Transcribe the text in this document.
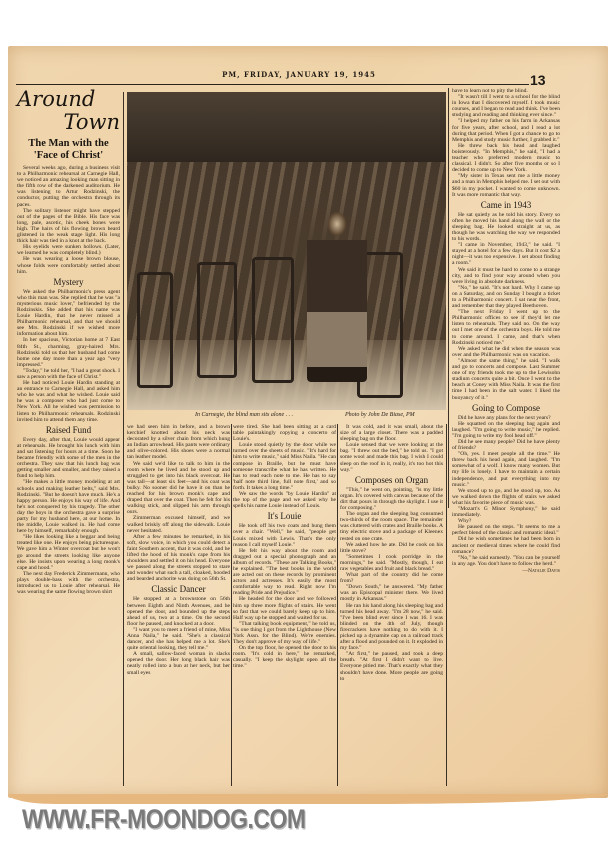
PM, FRIDAY, JANUARY 19, 1945	13
Around
Town
The Man with the 'Face of Christ'

Several weeks ago, during a business visit to a Philharmonic rehearsal at Carnegie Hall, we noticed an amazing looking man sitting in the fifth row of the darkened auditorium. He was listening to Artur Rodzinski, the conductor, putting the orchestra through its paces.

The solitary listener might have stepped out of the pages of the Bible. His face was long, pale, ascetic, his cheek bones were high. The hairs of his flowing brown beard glistened in the weak stage light. His long thick hair was tied in a knot at the back.

His eyelids were sunken hollows. (Later, we learned he was completely blind.)

He was wearing a loose brown blouse, whose folds were comfortably settled about him.

Mystery

We asked the Philharmonic's press agent who this man was. She replied that he was "a mysterious music lover," befriended by the Rodzinskis. She added that his name was Louie Hardin, that he never missed a Philharmonic rehearsal, and that we should see Mrs. Rodzinski if we wished more information about him.

In her spacious, Victorian home at 7 East 84th St., charming, gray-haired Mrs. Rodzinski told us that her husband had come home one day more than a year ago "very impressed."

"Today," he told her, "I had a great shock. I saw a person with the face of Christ."

He had noticed Louie Hardin standing at an entrance to Carnegie Hall, and asked him who he was and what he wished. Louie said he was a composer who had just come to New York. All he wished was permission to listen to Philharmonic rehearsals. Rodzinski invited him to attend them any time.

Raised Fund

Every day, after that, Louie would appear at rehearsals. He brought his lunch with him and sat listening for hours at a time. Soon he became friendly with some of the men in the orchestra. They saw that his lunch bag was getting smaller and smaller, and they raised a fund to help him.

"He makes a little money modeling at art schools and making leather belts," said Mrs. Rodzinski. "But he doesn't have much. He's a happy person. He enjoys his way of life. And he's not conquered by his tragedy. The other day the boys in the orchestra gave a surprise party for my husband here, at our home. In the middle, Louie walked in. He had come here by himself, remarkably enough.

"He likes looking like a beggar and being treated like one. He enjoys being picturesque. We gave him a Winter overcoat but he won't go around the streets looking like anyone else. He insists upon wearing a long monk's cape and hood."

The next day Frederick Zimmermann, who plays double-bass with the orchestra, introduced us to Louie after rehearsal. He was wearing the same flowing brown shirt

In Carnegie, the blind man sits alone . . .	Photo by John De Biase, PM

we had seen him in before, and a brown kerchief knotted about his neck was decorated by a silver chain from which hung an Indian arrowhead. His pants were ordinary and olive-colored. His shoes were a normal tan leather model.

We said we'd like to talk to him in the room where he lived and he stood up and struggled to get into his black overcoat. He was tall—at least six feet—and his coat was bulky. No sooner did he have it on than he reached for his brown monk's cape and draped that over the coat. Then he felt for his walking stick, and slipped his arm through ours.

Zimmerman excused himself, and we walked briskly off along the sidewalk. Louie never hesitated.

After a few minutes he remarked, in his soft, slow voice, in which you could detect a faint Southern accent, that it was cold, and he lifted the hood of his monk's cape from his shoulders and settled it on his head. Everyone we passed along the streets stopped to stare and wonder what such a tall, cloaked, hooded and bearded anchorite was doing on 56th St.

Classic Dancer

He stopped at a brownstone on 56th between Eighth and Ninth Avenues, and he opened the door, and bounded up the steps ahead of us, two at a time. On the second floor he paused, and knocked at a door.

"I want you to meet a friend of mine, Miss Anna Naila," he said. "She's a classical dancer, and she has helped me a lot. She's quite oriental looking, they tell me."

A small, sallow-faced woman in slacks opened the door. Her long black hair was neatly rolled into a bun at her neck, but her small eyes

were tired. She had been sitting at a card table paintakingly copying a concerto of Louie's.

Louie stood quietly by the door while we turned over the sheets of music. "It's hard for him to write music," said Miss Naila. "He can compose in Braille, but he must have someone transcribe what he has written. He has to read each note to me. He has to say 'half note third line, full note first,' and so forth. It takes a long time."

We saw the words "by Louie Hardin" at the top of the page and we asked why he spells his name Louie instead of Louis.

It's Louie

He took off his two coats and hung them over a chair. "Well," he said, "people get Louis mixed with Lewis. That's the only reason I call myself Louie."

He felt his way about the room and dragged out a special phonograph and an album of records. "These are Talking Books," he explained. "The best books in the world are acted out on these records by prominent actors and actresses. It's easily the most comfortable way to read. Right now I'm reading Pride and Prejudice."

He headed for the door and we followed him up three more flights of stairs. He went so fast that we could barely keep up to him. Half way up he stopped and waited for us.

"That talking book equipment," he told us, "is one thing I got from the Lighthouse (New York Assn. for the Blind). We're enemies. They don't approve of my way of life."

On the top floor, he opened the door to his room. "It's cold in here," he remarked, casually. "I keep the skylight open all the time."

It was cold, and it was small, about the size of a large closet. There was a padded sleeping bag on the floor.

Louie sensed that we were looking at the bag. "I threw out the bed," he told us. "I got some wool and made this bag. I wish I could sleep on the roof in it, really, it's too hot this way."

Composes on Organ

"This," he went on, pointing, "is my little organ. It's covered with canvas because of the dirt that pours in through the skylight. I use it for composing."

The organ and the sleeping bag consumed two-thirds of the room space. The remainder was cluttered with crates and Braille books. A tiny electric stove and a package of Kleenex rested on one crate.

We asked how he ate. Did he cook on his little stove?

"Sometimes I cook porridge in the mornings," he said. "Mostly, though, I eat raw vegetables and fruit and black bread."

What part of the country did he come from?

"Down South," he answered. "My father was an Episcopal minister there. We lived mostly in Arkansas."

He ran his hand along his sleeping bag and turned his head away. "I'm 28 now," he said. "I've been blind ever since I was 16. I was blinded on the 4th of July, though firecrackers have nothing to do with it. I picked up a dynamite cap on a railroad track after a flood and pounded on it. It exploded in my face."

"At first," he paused, and took a deep breath. "At first I didn't want to live. Everyone pitied me. That's exactly what they shouldn't have done. More people are going to

have to learn not to pity the blind.

"It wasn't till I went to a school for the blind in Iowa that I discovered myself. I took music courses, and I began to read and think. I've been studying and reading and thinking ever since."

"I helped my father on his farm in Arkansas for five years, after school, and I read a lot during that period. When I got a chance to go to Memphis and study music further, I grabbed it."

He threw back his head and laughed boisterously. "In Memphis," he said, "I had a teacher who preferred modern music to classical. I didn't. So after five months or so I decided to come up to New York.

"My sister in Texas sent me a little money and a man in Memphis helped me. I set out with $60 in my pocket. I wanted to come unknown. It was more romantic that way.

Came in 1943

He sat quietly as he told his story. Every so often he moved his hand along the wall or the sleeping bag. He looked straight at us, as though he was watching the way we responded to his words.

"I came in November, 1943," he said. "I stayed at a hotel for a few days. But it cost $2 a night—it was too expensive. I set about finding a room."

We said it must be hard to come to a strange city, and to find your way around when you were living in absolute darkness.

"No," he said. "It's not hard. Why I came up on a Saturday, and on Sunday I bought a ticket to a Philharmonic concert. I sat near the front, and remember that they played Beethoven.

"The next Friday I went up to the Philharmonic offices to see if they'd let me listen to rehearsals. They said no. On the way out I met one of the orchestra boys. He told me to come around. I came, and that's when Rodzinski noticed me."

We asked what he did when the season was over and the Philharmonic was on vacation.

"Almost the same thing," he said. "I walk and go to concerts and compose. Last Summer one of my friends took me up to the Lewisohn stadium concerts quite a bit. Once I went to the beach at Coney with Miss Naila. It was the first time I had been in the salt water. I liked the buoyancy of it."

Going to Compose

Did he have any plans for the next years?

He squatted on the sleeping bag again and laughed. "I'm going to write music," he replied. "I'm going to write my fool head off."

Did he see many people? Did he have plenty of friends?

"Oh, yes. I meet people all the time." He threw back his head again, and laughed. "I'm somewhat of a wolf. I know many women. But my life is lonely. I have to maintain a certain independence, and put everything into my music."

We stood up to go, and he stood up, too. As we walked down the flights of stairs we asked what his favorite piece of music was.

"Mozart's G Minor Symphony," he said immediately.

Why?

He paused on the steps. "It seems to me a perfect blend of the classic and romantic ideal."

Did he wish sometimes he had been born in ancient or medieval times where he could find romance?

"No," he said earnestly. "You can be yourself in any age. You don't have to follow the herd."

—Natalie Davis
WWW.FR-MOONDOG.COM
